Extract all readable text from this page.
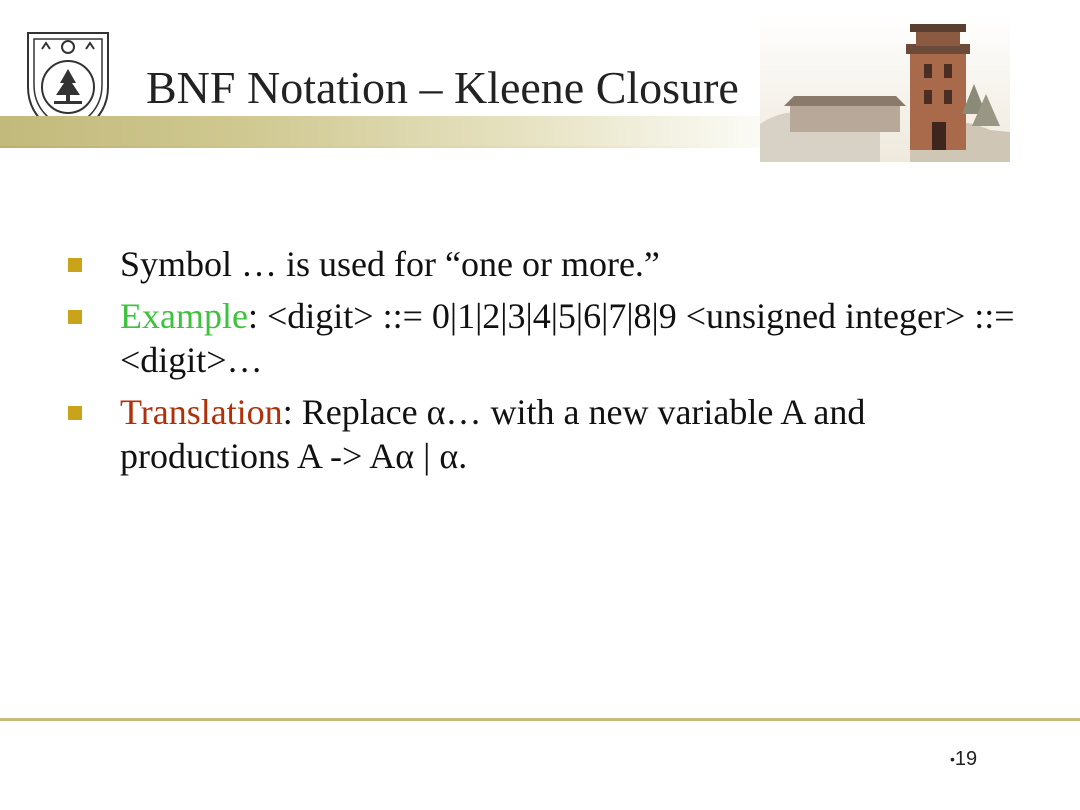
BNF Notation – Kleene Closure
Symbol … is used for “one or more.”
Example: <digit> ::= 0|1|2|3|4|5|6|7|8|9 <unsigned integer> ::= <digit>…
Translation: Replace α… with a new variable A and productions A -> Aα | α.
•19
